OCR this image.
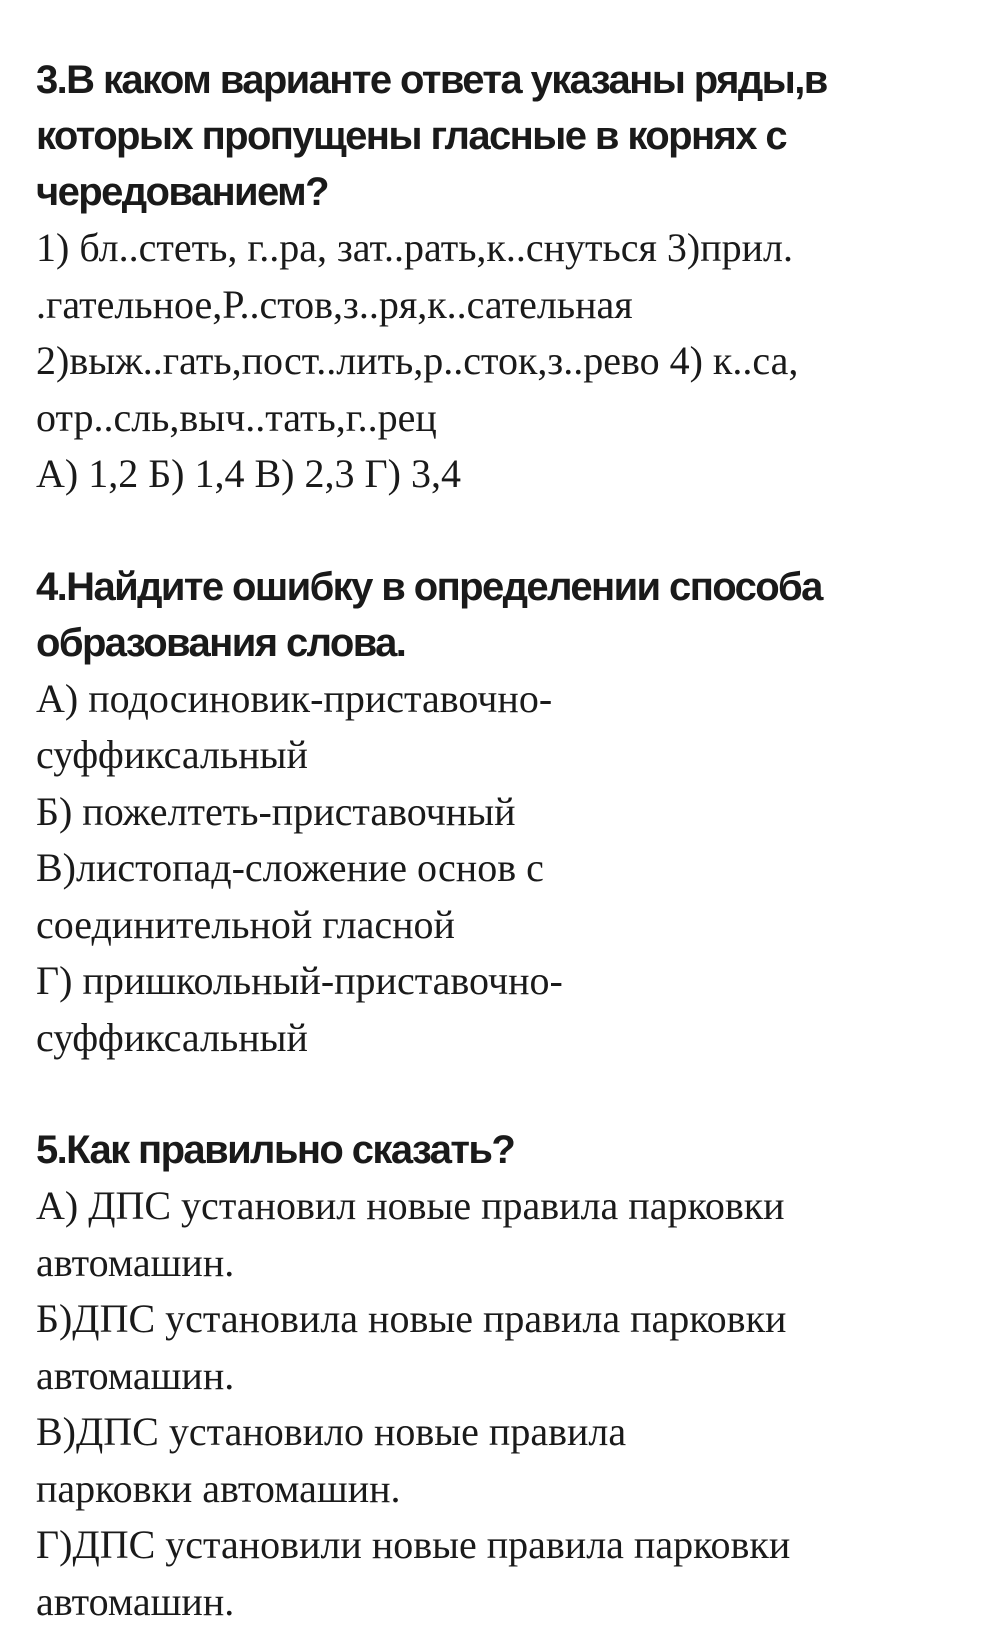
3.В каком варианте ответа указаны ряды,в

которых пропущены гласные в корнях с

чередованием?

1) бл..стеть, г..ра, зат..рать,к..снуться 3)прил.

.гательное,Р..стов,з..ря,к..сательная

2)выж..гать,пост..лить,р..сток,з..рево 4) к..са,

отр..сль,выч..тать,г..рец

А) 1,2 Б) 1,4 В) 2,3 Г) 3,4

4.Найдите ошибку в определении способа

образования слова.

А) подосиновик-приставочно-

суффиксальный

Б) пожелтеть-приставочный

В)листопад-сложение основ с

соединительной гласной

Г) пришкольный-приставочно-

суффиксальный

5.Как правильно сказать?

А) ДПС установил новые правила парковки

автомашин.

Б)ДПС установила новые правила парковки

автомашин.

В)ДПС установило новые правила

парковки автомашин.

Г)ДПС установили новые правила парковки

автомашин.
